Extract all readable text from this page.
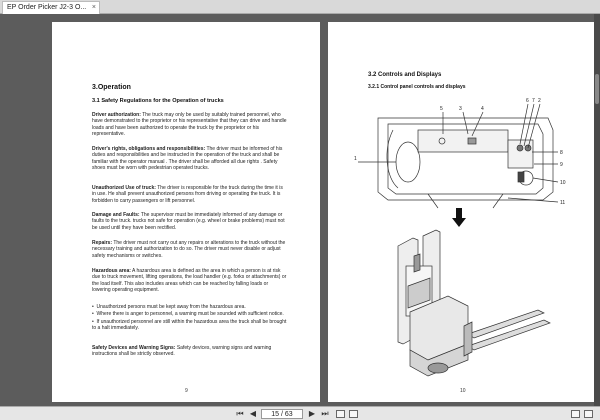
EP Order Picker J2-3 O... ×
3.Operation
3.1 Safety Regulations for the Operation of trucks
Driver authorization: The truck may only be used by suitably trained personnel, who have demonstrated to the proprietor or his representative that they can drive and handle loads and have been authorized to operate the truck by the proprietor or his representative.
Driver's rights, obligations and responsibilities: The driver must be informed of his duties and responsibilities and be instructed in the operation of the truck and shall be familiar with the operator manual . The driver shall be afforded all due rights . Safety shoes must be worn with pedestrian operated trucks.
Unauthorized Use of truck: The driver is responsible for the truck during the time it is in use. He shall prevent unauthorized persons from driving or operating the truck. It is forbidden to carry passengers or lift personnel.
Damage and Faults: The supervisor must be immediately informed of any damage or faults to the truck. trucks not safe for operation (e.g. wheel or brake problems) must not be used until they have been rectified.
Repairs: The driver must not carry out any repairs or alterations to the truck without the necessary training and authorization to do so. The driver must never disable or adjust safety mechanisms or switches.
Hazardous area: A hazardous area is defined as the area in which a person is at risk due to truck movement, lifting operations, the load handler (e.g. forks or attachments) or the load itself. This also includes areas which can be reached by falling loads or lowering operating equipment.
•  Unauthorized persons must be kept away from the hazardous area.
•  Where there is anger to personnel, a warning must be sounded with sufficient notice.
•  If unauthorized personnel are still within the hazardous area the truck shall be brought to a halt immediately.
Safety Devices and Warning Signs: Safety devices, warning signs and warning instructions shall be strictly observed.
9
3.2 Controls and Displays
3.2.1 Control panel controls and displays
1
3	4
5
6 7 2
8
9
10
11
10
⏮ ◀	15 / 63	▶ ⏭
